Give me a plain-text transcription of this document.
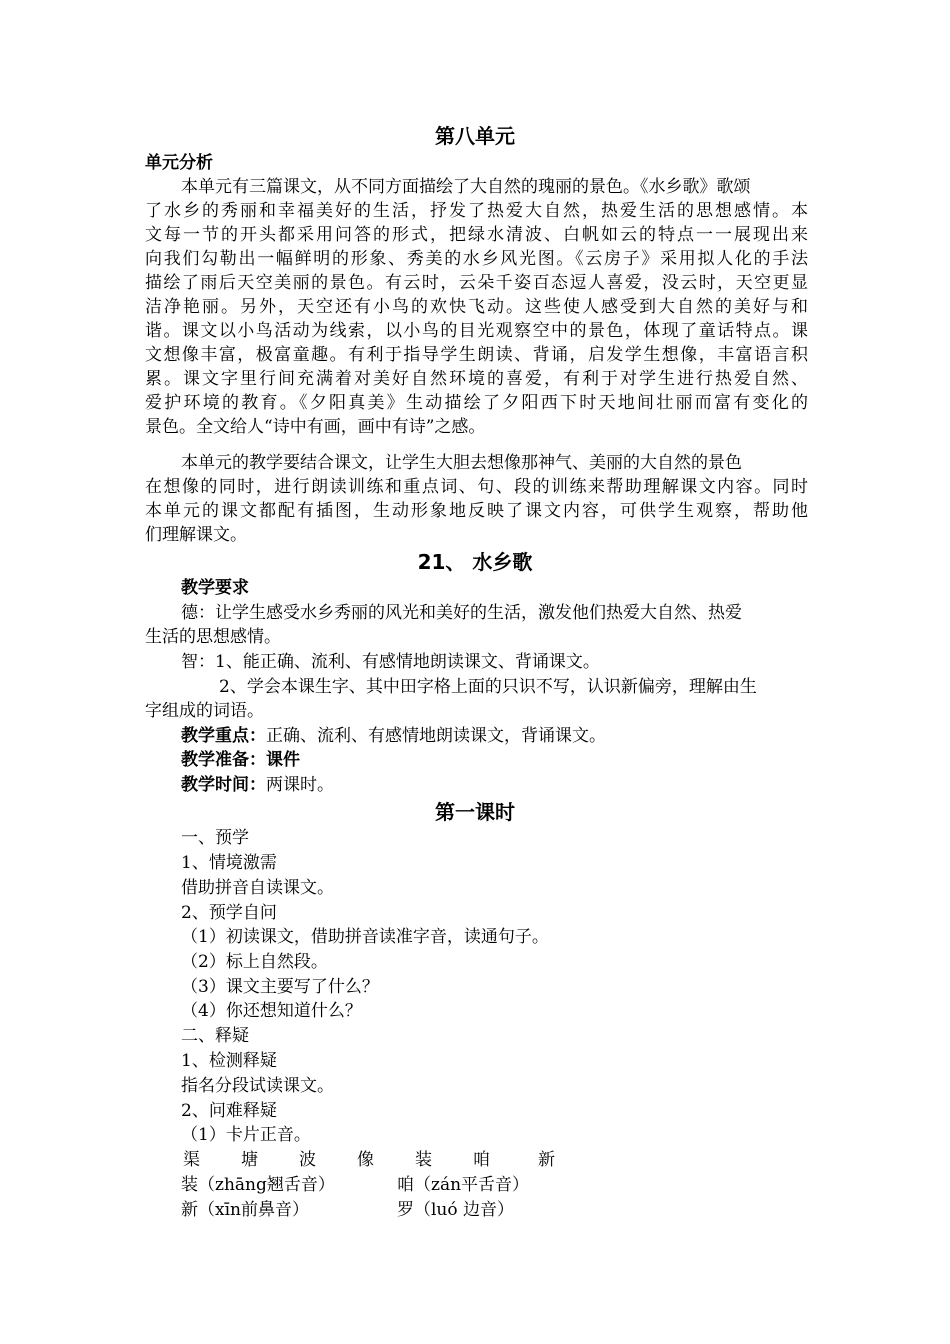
第八单元
单元分析
本单元有三篇课文，从不同方面描绘了大自然的瑰丽的景色。《水乡歌》歌颂
了水乡的秀丽和幸福美好的生活，抒发了热爱大自然，热爱生活的思想感情。本
文每一节的开头都采用问答的形式，把绿水清波、白帆如云的特点一一展现出来
向我们勾勒出一幅鲜明的形象、秀美的水乡风光图。《云房子》采用拟人化的手法
描绘了雨后天空美丽的景色。有云时，云朵千姿百态逗人喜爱，没云时，天空更显
洁净艳丽。另外，天空还有小鸟的欢快飞动。这些使人感受到大自然的美好与和
谐。课文以小鸟活动为线索，以小鸟的目光观察空中的景色，体现了童话特点。课
文想像丰富，极富童趣。有利于指导学生朗读、背诵，启发学生想像，丰富语言积
累。课文字里行间充满着对美好自然环境的喜爱，有利于对学生进行热爱自然、
爱护环境的教育。《夕阳真美》生动描绘了夕阳西下时天地间壮丽而富有变化的
景色。全文给人“诗中有画，画中有诗”之感。
本单元的教学要结合课文，让学生大胆去想像那神气、美丽的大自然的景色
在想像的同时，进行朗读训练和重点词、句、段的训练来帮助理解课文内容。同时
本单元的课文都配有插图，生动形象地反映了课文内容，可供学生观察，帮助他
们理解课文。
21、 水乡歌
教学要求
德：让学生感受水乡秀丽的风光和美好的生活，激发他们热爱大自然、热爱
生活的思想感情。
智：1、能正确、流利、有感情地朗读课文、背诵课文。
2、学会本课生字、其中田字格上面的只识不写，认识新偏旁，理解由生
字组成的词语。
教学重点：正确、流利、有感情地朗读课文，背诵课文。
教学准备：课件
教学时间：两课时。
第一课时
一、预学
1、情境激需
借助拼音自读课文。
2、预学自问
（1）初读课文，借助拼音读准字音，读通句子。
（2）标上自然段。
（3）课文主要写了什么？
（4）你还想知道什么？
二、释疑
1、检测释疑
指名分段试读课文。
2、问难释疑
（1）卡片正音。
渠 塘 波 像 装 咱	新
装（zhāng翘舌音）	咱（zán平舌音）
新（xīn前鼻音）	罗（luó 边音）
